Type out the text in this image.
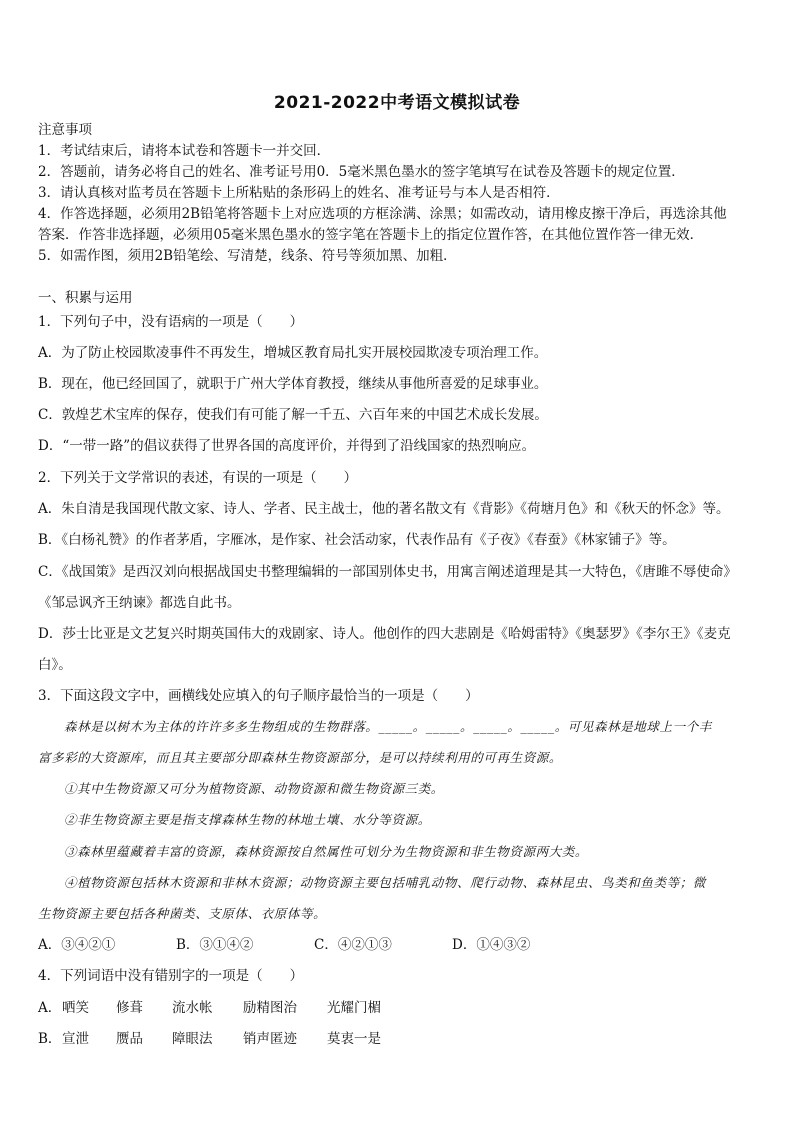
2021-2022中考语文模拟试卷
注意事项
1．考试结束后，请将本试卷和答题卡一并交回．
2．答题前，请务必将自己的姓名、准考证号用0．5毫米黑色墨水的签字笔填写在试卷及答题卡的规定位置．
3．请认真核对监考员在答题卡上所粘贴的条形码上的姓名、准考证号与本人是否相符．
4．作答选择题，必须用2B铅笔将答题卡上对应选项的方框涂满、涂黑；如需改动，请用橡皮擦干净后，再选涂其他
答案．作答非选择题，必须用05毫米黑色墨水的签字笔在答题卡上的指定位置作答，在其他位置作答一律无效．
5．如需作图，须用2B铅笔绘、写清楚，线条、符号等须加黑、加粗．
一、积累与运用
1．下列句子中，没有语病的一项是（　　）
A．为了防止校园欺凌事件不再发生，增城区教育局扎实开展校园欺凌专项治理工作。
B．现在，他已经回国了，就职于广州大学体育教授，继续从事他所喜爱的足球事业。
C．敦煌艺术宝库的保存，使我们有可能了解一千五、六百年来的中国艺术成长发展。
D．“一带一路”的倡议获得了世界各国的高度评价，并得到了沿线国家的热烈响应。
2．下列关于文学常识的表述，有误的一项是（　　）
A．朱自清是我国现代散文家、诗人、学者、民主战士，他的著名散文有《背影》《荷塘月色》和《秋天的怀念》等。
B．《白杨礼赞》的作者茅盾，字雁冰，是作家、社会活动家，代表作品有《子夜》《春蚕》《林家铺子》等。
C．《战国策》是西汉刘向根据战国史书整理编辑的一部国别体史书，用寓言阐述道理是其一大特色，《唐雎不辱使命》
《邹忌讽齐王纳谏》都选自此书。
D．莎士比亚是文艺复兴时期英国伟大的戏剧家、诗人。他创作的四大悲剧是《哈姆雷特》《奥瑟罗》《李尔王》《麦克
白》。
3．下面这段文字中，画横线处应填入的句子顺序最恰当的一项是（　　）
森林是以树木为主体的许许多多生物组成的生物群落。_____。_____。_____。_____。可见森林是地球上一个丰
富多彩的大资源库，而且其主要部分即森林生物资源部分，是可以持续利用的可再生资源。
①其中生物资源又可分为植物资源、动物资源和微生物资源三类。
②非生物资源主要是指支撑森林生物的林地土壤、水分等资源。
③森林里蕴藏着丰富的资源，森林资源按自然属性可划分为生物资源和非生物资源两大类。
④植物资源包括林木资源和非林木资源；动物资源主要包括哺乳动物、爬行动物、森林昆虫、鸟类和鱼类等；微
生物资源主要包括各种菌类、支原体、衣原体等。
A．③④②①	B．③①④②	C．④②①③	D．①④③②
4．下列词语中没有错别字的一项是（　　）
A． 哂笑 修葺 流水帐 励精图治 光耀门楣
B． 宣泄 赝品 障眼法 销声匿迹 莫衷一是
